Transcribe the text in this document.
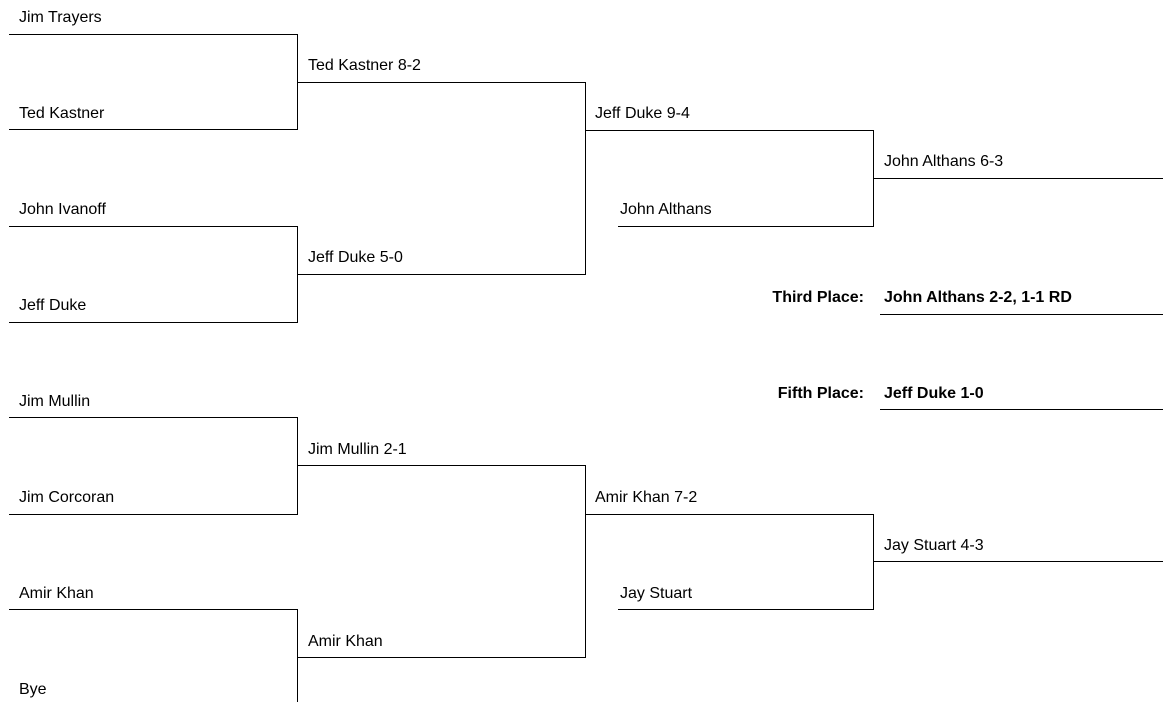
Jim Trayers
Ted Kastner
John Ivanoff
Jeff Duke
Jim Mullin
Jim Corcoran
Amir Khan
Bye
Ted Kastner 8-2
Jeff Duke 5-0
Jim Mullin 2-1
Amir Khan
Jeff Duke 9-4
John Althans
Amir Khan 7-2
Jay Stuart
John Althans 6-3
Jay Stuart 4-3
Third Place: John Althans 2-2, 1-1 RD
Fifth Place: Jeff Duke 1-0
